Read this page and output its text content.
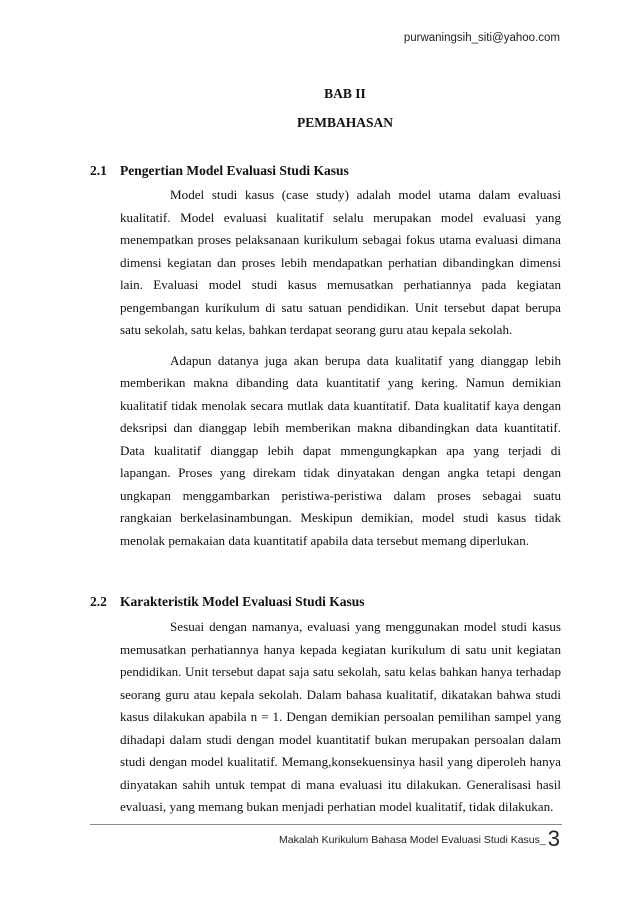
purwaningsih_siti@yahoo.com
BAB II
PEMBAHASAN
2.1 Pengertian Model Evaluasi Studi Kasus

Model studi kasus (case study) adalah model utama dalam evaluasi kualitatif. Model evaluasi kualitatif selalu merupakan model evaluasi yang menempatkan proses pelaksanaan kurikulum sebagai fokus utama evaluasi dimana dimensi kegiatan dan proses lebih mendapatkan perhatian dibandingkan dimensi lain. Evaluasi model studi kasus memusatkan perhatiannya pada kegiatan pengembangan kurikulum di satu satuan pendidikan. Unit tersebut dapat berupa satu sekolah, satu kelas, bahkan terdapat seorang guru atau kepala sekolah.

Adapun datanya juga akan berupa data kualitatif yang dianggap lebih memberikan makna dibanding data kuantitatif yang kering. Namun demikian kualitatif tidak menolak secara mutlak data kuantitatif. Data kualitatif kaya dengan deksripsi dan dianggap lebih memberikan makna dibandingkan data kuantitatif. Data kualitatif dianggap lebih dapat mmengungkapkan apa yang terjadi di lapangan. Proses yang direkam tidak dinyatakan dengan angka tetapi dengan ungkapan menggambarkan peristiwa-peristiwa dalam proses sebagai suatu rangkaian berkelasinambungan. Meskipun demikian, model studi kasus tidak menolak pemakaian data kuantitatif apabila data tersebut memang diperlukan.

2.2 Karakteristik Model Evaluasi Studi Kasus

Sesuai dengan namanya, evaluasi yang menggunakan model studi kasus memusatkan perhatiannya hanya kepada kegiatan kurikulum di satu unit kegiatan pendidikan. Unit tersebut dapat saja satu sekolah, satu kelas bahkan hanya terhadap seorang guru atau kepala sekolah. Dalam bahasa kualitatif, dikatakan bahwa studi kasus dilakukan apabila n = 1. Dengan demikian persoalan pemilihan sampel yang dihadapi dalam studi dengan model kuantitatif bukan merupakan persoalan dalam studi dengan model kualitatif. Memang,konsekuensinya hasil yang diperoleh hanya dinyatakan sahih untuk tempat di mana evaluasi itu dilakukan. Generalisasi hasil evaluasi, yang memang bukan menjadi perhatian model kualitatif, tidak dilakukan.

Makalah Kurikulum Bahasa Model Evaluasi Studi Kasus_3
